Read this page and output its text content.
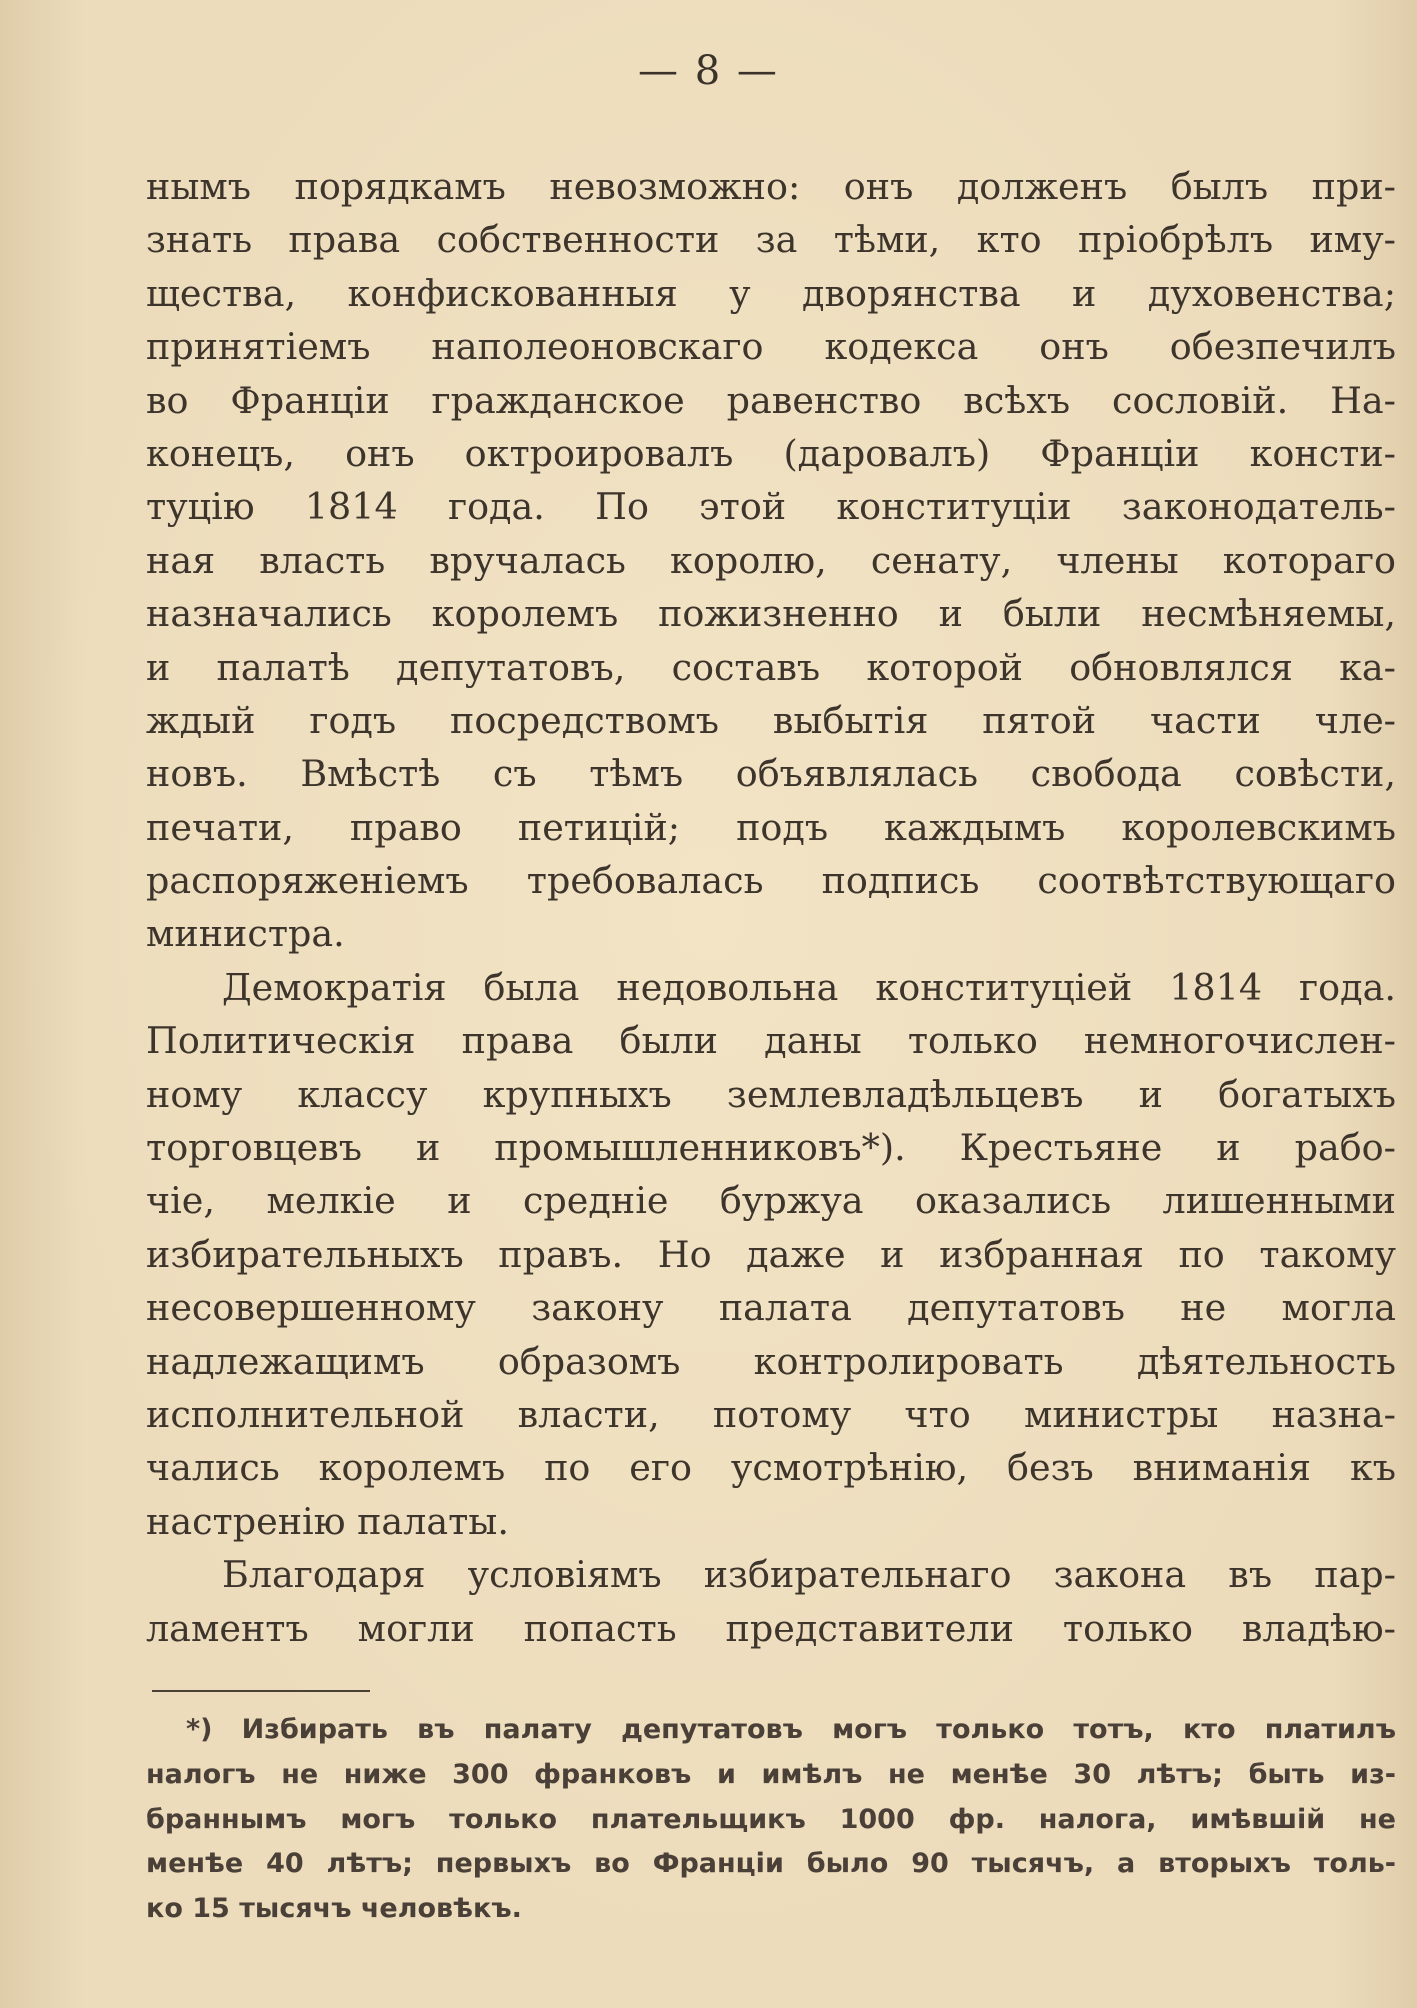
— 8 —
нымъ порядкамъ невозможно: онъ долженъ былъ при-
знать права собственности за тѣми, кто пріобрѣлъ иму-
щества, конфискованныя у дворянства и духовенства;
принятіемъ наполеоновскаго кодекса онъ обезпечилъ
во Франціи гражданское равенство всѣхъ сословій. На-
конецъ, онъ октроировалъ (даровалъ) Франціи консти-
туцію 1814 года. По этой конституціи законодатель-
ная власть вручалась королю, сенату, члены котораго
назначались королемъ пожизненно и были несмѣняемы,
и палатѣ депутатовъ, составъ которой обновлялся ка-
ждый годъ посредствомъ выбытія пятой части чле-
новъ. Вмѣстѣ съ тѣмъ объявлялась свобода совѣсти,
печати, право петицій; подъ каждымъ королевскимъ
распоряженіемъ требовалась подпись соотвѣтствующаго
министра.
Демократія была недовольна конституціей 1814 года.
Политическія права были даны только немногочислен-
ному классу крупныхъ землевладѣльцевъ и богатыхъ
торговцевъ и промышленниковъ*). Крестьяне и рабо-
чіе, мелкіе и средніе буржуа оказались лишенными
избирательныхъ правъ. Но даже и избранная по такому
несовершенному закону палата депутатовъ не могла
надлежащимъ образомъ контролировать дѣятельность
исполнительной власти, потому что министры назна-
чались королемъ по его усмотрѣнію, безъ вниманія къ
настренію палаты.
Благодаря условіямъ избирательнаго закона въ пар-
ламентъ могли попасть представители только владѣю-
*) Избирать въ палату депутатовъ могъ только тотъ, кто платилъ
налогъ не ниже 300 франковъ и имѣлъ не менѣе 30 лѣтъ; быть из-
браннымъ могъ только плательщикъ 1000 фр. налога, имѣвшій не
менѣе 40 лѣтъ; первыхъ во Франціи было 90 тысячъ, а вторыхъ толь-
ко 15 тысячъ человѣкъ.
